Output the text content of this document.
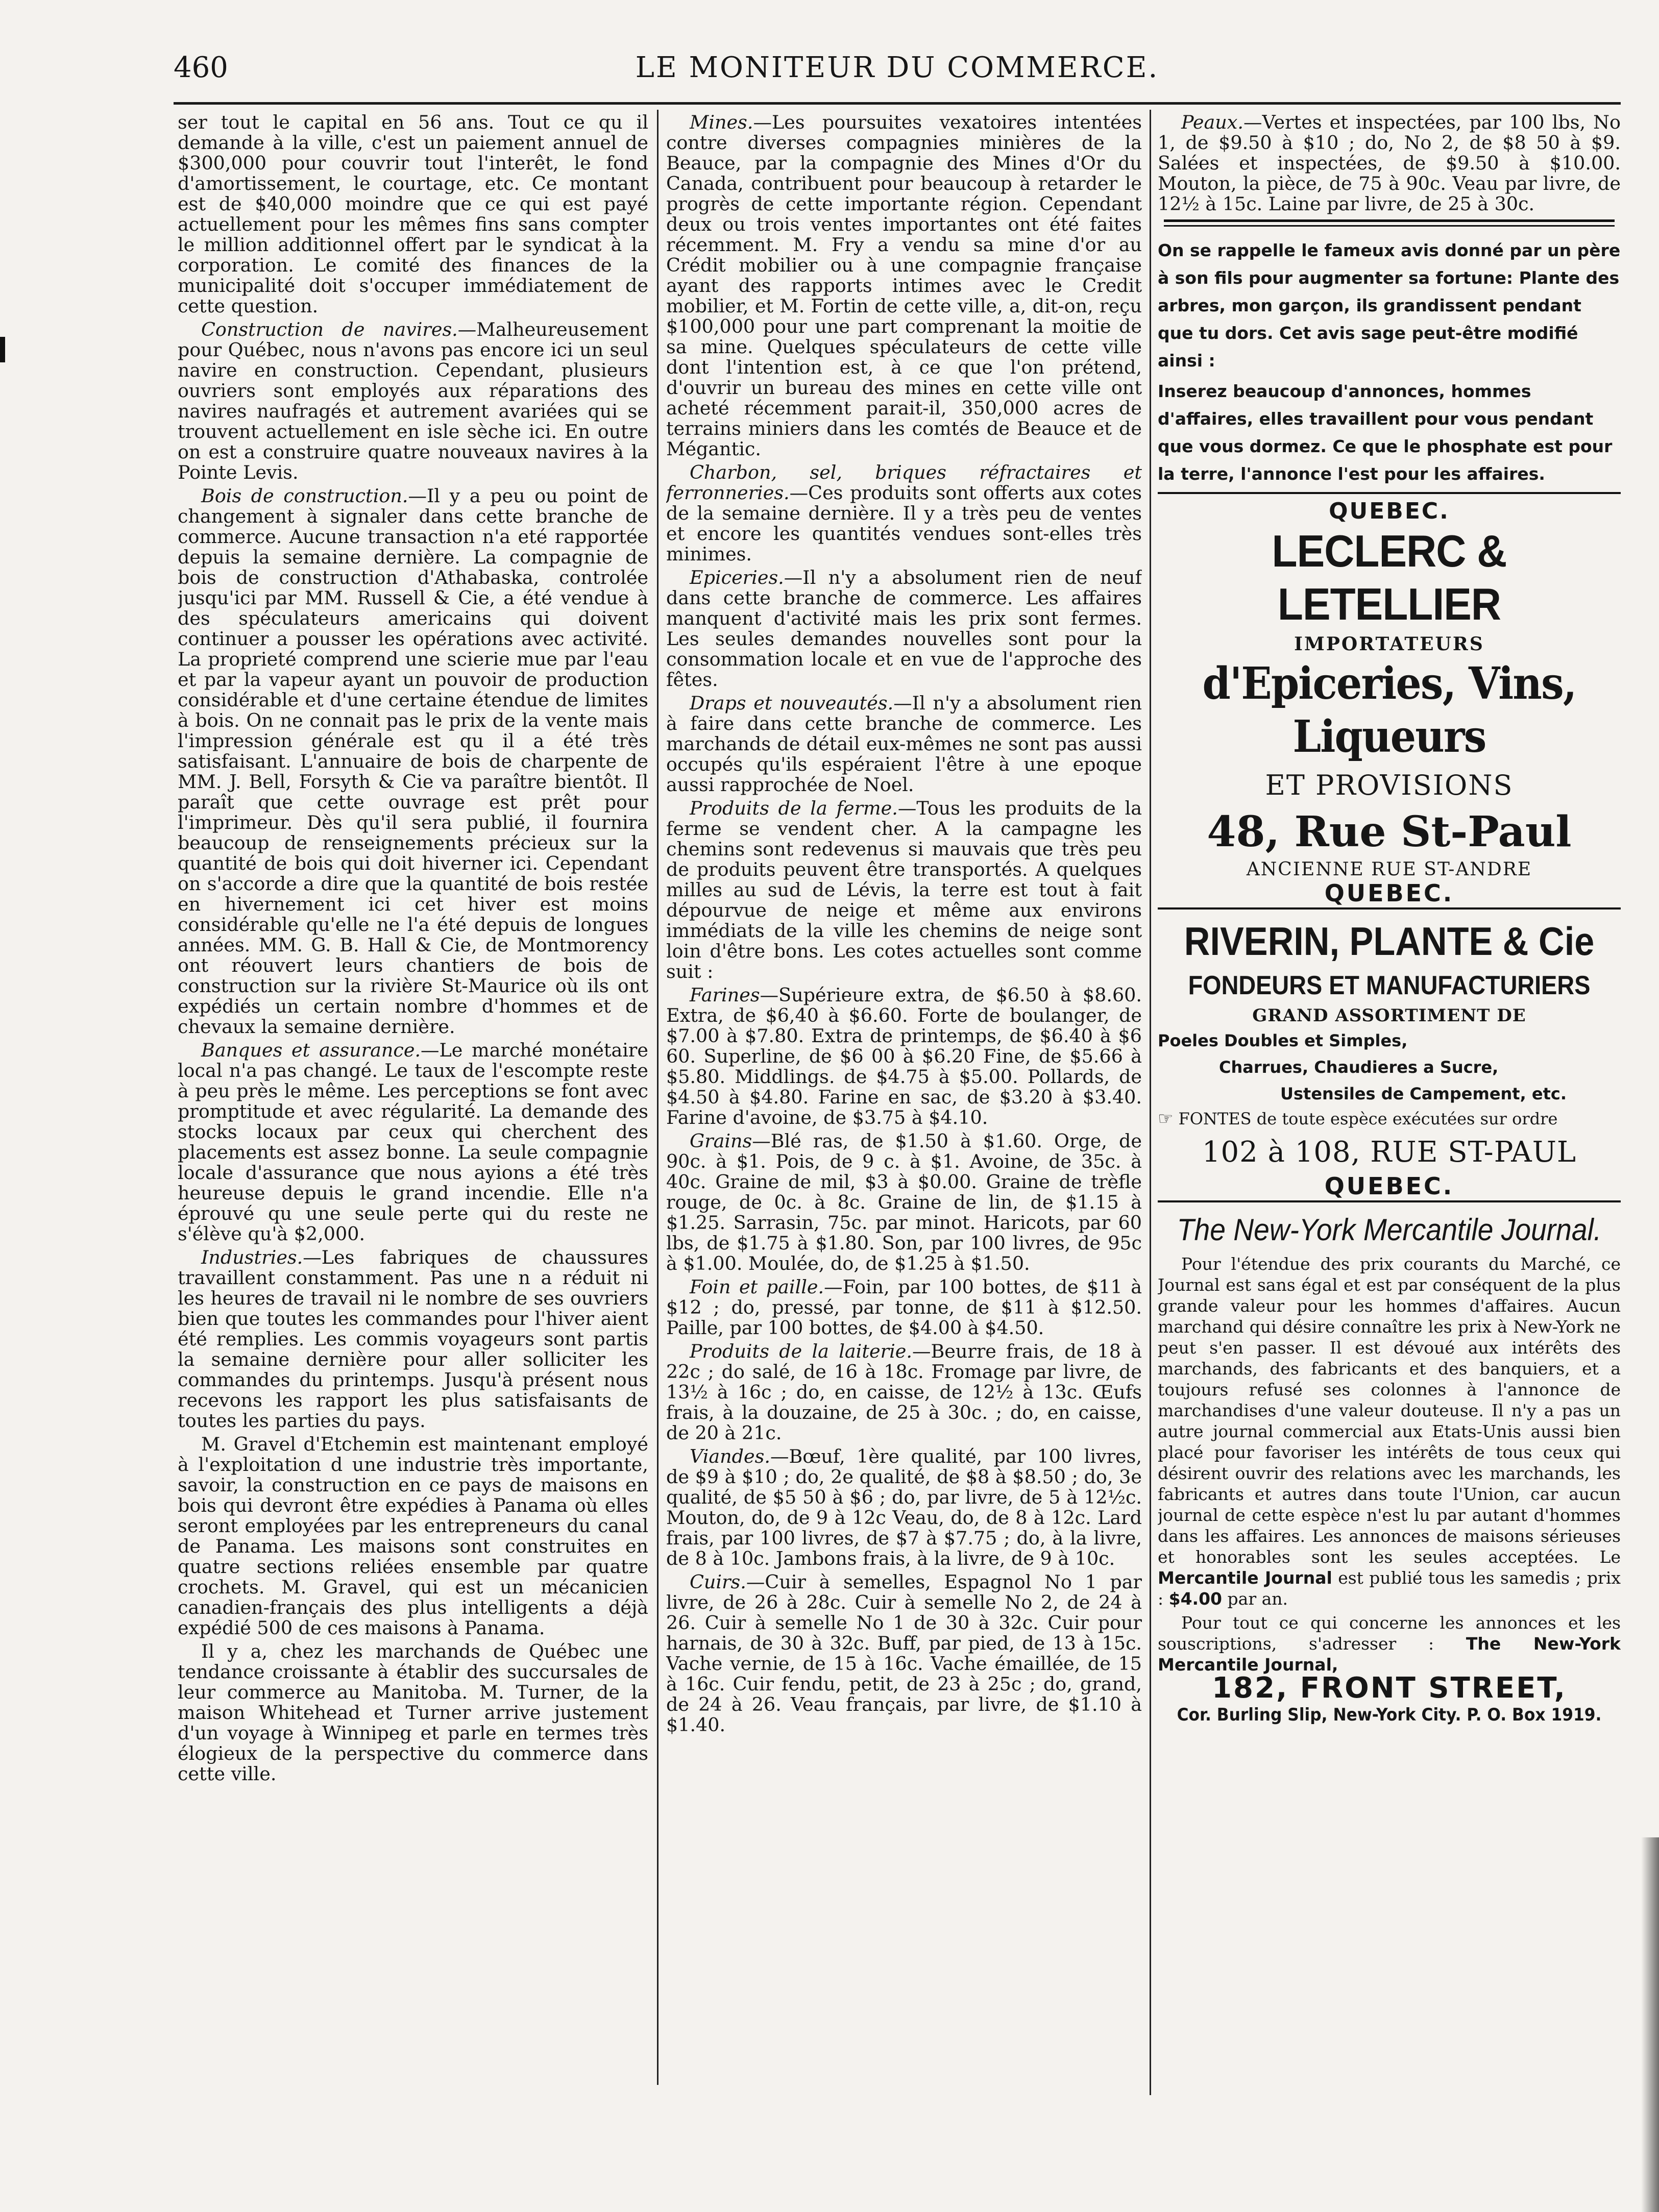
460	LE MONITEUR DU COMMERCE.

ser tout le capital en 56 ans. Tout ce qu il demande à la ville, c'est un paiement annuel de $300,000 pour couvrir tout l'interêt, le fond d'amortissement, le courtage, etc. Ce montant est de $40,000 moindre que ce qui est payé actuellement pour les mêmes fins sans compter le million additionnel offert par le syndicat à la corporation. Le comité des finances de la municipalité doit s'occuper immédiatement de cette question.

Construction de navires.—Malheureusement pour Québec, nous n'avons pas encore ici un seul navire en construction. Cependant, plusieurs ouvriers sont employés aux réparations des navires naufragés et autrement avariées qui se trouvent actuellement en isle sèche ici. En outre on est a construire quatre nouveaux navires à la Pointe Levis.

Bois de construction.—Il y a peu ou point de changement à signaler dans cette branche de commerce. Aucune transaction n'a eté rapportée depuis la semaine dernière. La compagnie de bois de construction d'Athabaska, controlée jusqu'ici par MM. Russell & Cie, a été vendue à des spéculateurs americains qui doivent continuer a pousser les opérations avec activité. La proprieté comprend une scierie mue par l'eau et par la vapeur ayant un pouvoir de production considérable et d'une certaine étendue de limites à bois. On ne connait pas le prix de la vente mais l'impression générale est qu il a été très satisfaisant. L'annuaire de bois de charpente de MM. J. Bell, Forsyth & Cie va paraître bientôt. Il paraît que cette ouvrage est prêt pour l'imprimeur. Dès qu'il sera publié, il fournira beaucoup de renseignements précieux sur la quantité de bois qui doit hiverner ici. Cependant on s'accorde a dire que la quantité de bois restée en hivernement ici cet hiver est moins considérable qu'elle ne l'a été depuis de longues années. MM. G. B. Hall & Cie, de Montmorency ont réouvert leurs chantiers de bois de construction sur la rivière St-Maurice où ils ont expédiés un certain nombre d'hommes et de chevaux la semaine dernière.

Banques et assurance.—Le marché monétaire local n'a pas changé. Le taux de l'escompte reste à peu près le même. Les perceptions se font avec promptitude et avec régularité. La demande des stocks locaux par ceux qui cherchent des placements est assez bonne. La seule compagnie locale d'assurance que nous ayions a été très heureuse depuis le grand incendie. Elle n'a éprouvé qu une seule perte qui du reste ne s'élève qu'à $2,000.

Industries.—Les fabriques de chaussures travaillent constamment. Pas une n a réduit ni les heures de travail ni le nombre de ses ouvriers bien que toutes les commandes pour l'hiver aient été remplies. Les commis voyageurs sont partis la semaine dernière pour aller solliciter les commandes du printemps. Jusqu'à présent nous recevons les rapport les plus satisfaisants de toutes les parties du pays.

M. Gravel d'Etchemin est maintenant employé à l'exploitation d une industrie très importante, savoir, la construction en ce pays de maisons en bois qui devront être expédies à Panama où elles seront employées par les entrepreneurs du canal de Panama. Les maisons sont construites en quatre sections reliées ensemble par quatre crochets. M. Gravel, qui est un mécanicien canadien-français des plus intelligents a déjà expédié 500 de ces maisons à Panama.

Il y a, chez les marchands de Québec une tendance croissante à établir des succursales de leur commerce au Manitoba. M. Turner, de la maison Whitehead et Turner arrive justement d'un voyage à Winnipeg et parle en termes très élogieux de la perspective du commerce dans cette ville.

Mines.—Les poursuites vexatoires intentées contre diverses compagnies minières de la Beauce, par la compagnie des Mines d'Or du Canada, contribuent pour beaucoup à retarder le progrès de cette importante région. Cependant deux ou trois ventes importantes ont été faites récemment. M. Fry a vendu sa mine d'or au Crédit mobilier ou à une compagnie française ayant des rapports intimes avec le Credit mobilier, et M. Fortin de cette ville, a, dit-on, reçu $100,000 pour une part comprenant la moitie de sa mine. Quelques spéculateurs de cette ville dont l'intention est, à ce que l'on prétend, d'ouvrir un bureau des mines en cette ville ont acheté récemment parait-il, 350,000 acres de terrains miniers dans les comtés de Beauce et de Mégantic.

Charbon, sel, briques réfractaires et ferronneries.—Ces produits sont offerts aux cotes de la semaine dernière. Il y a très peu de ventes et encore les quantités vendues sont-elles très minimes.

Epiceries.—Il n'y a absolument rien de neuf dans cette branche de commerce. Les affaires manquent d'activité mais les prix sont fermes. Les seules demandes nouvelles sont pour la consommation locale et en vue de l'approche des fêtes.

Draps et nouveautés.—Il n'y a absolument rien à faire dans cette branche de commerce. Les marchands de détail eux-mêmes ne sont pas aussi occupés qu'ils espéraient l'être à une epoque aussi rapprochée de Noel.

Produits de la ferme.—Tous les produits de la ferme se vendent cher. A la campagne les chemins sont redevenus si mauvais que très peu de produits peuvent être transportés. A quelques milles au sud de Lévis, la terre est tout à fait dépourvue de neige et même aux environs immédiats de la ville les chemins de neige sont loin d'être bons. Les cotes actuelles sont comme suit :

Farines—Supérieure extra, de $6.50 à $8.60. Extra, de $6,40 à $6.60. Forte de boulanger, de $7.00 à $7.80. Extra de printemps, de $6.40 à $6 60. Superline, de $6 00 à $6.20 Fine, de $5.66 à $5.80. Middlings. de $4.75 à $5.00. Pollards, de $4.50 à $4.80. Farine en sac, de $3.20 à $3.40. Farine d'avoine, de $3.75 à $4.10.

Grains—Blé ras, de $1.50 à $1.60. Orge, de 90c. à $1. Pois, de 9 c. à $1. Avoine, de 35c. à 40c. Graine de mil, $3 à $0.00. Graine de trèfle rouge, de 0c. à 8c. Graine de lin, de $1.15 à $1.25. Sarrasin, 75c. par minot. Haricots, par 60 lbs, de $1.75 à $1.80. Son, par 100 livres, de 95c à $1.00. Moulée, do, de $1.25 à $1.50.

Foin et paille.—Foin, par 100 bottes, de $11 à $12 ; do, pressé, par tonne, de $11 à $12.50. Paille, par 100 bottes, de $4.00 à $4.50.

Produits de la laiterie.—Beurre frais, de 18 à 22c ; do salé, de 16 à 18c. Fromage par livre, de 13½ à 16c ; do, en caisse, de 12½ à 13c. Œufs frais, à la douzaine, de 25 à 30c. ; do, en caisse, de 20 à 21c.

Viandes.—Bœuf, 1ère qualité, par 100 livres, de $9 à $10 ; do, 2e qualité, de $8 à $8.50 ; do, 3e qualité, de $5 50 à $6 ; do, par livre, de 5 à 12½c. Mouton, do, de 9 à 12c Veau, do, de 8 à 12c. Lard frais, par 100 livres, de $7 à $7.75 ; do, à la livre, de 8 à 10c. Jambons frais, à la livre, de 9 à 10c.

Cuirs.—Cuir à semelles, Espagnol No 1 par livre, de 26 à 28c. Cuir à semelle No 2, de 24 à 26. Cuir à semelle No 1 de 30 à 32c. Cuir pour harnais, de 30 à 32c. Buff, par pied, de 13 à 15c. Vache vernie, de 15 à 16c. Vache émaillée, de 15 à 16c. Cuir fendu, petit, de 23 à 25c ; do, grand, de 24 à 26. Veau français, par livre, de $1.10 à $1.40.

Peaux.—Vertes et inspectées, par 100 lbs, No 1, de $9.50 à $10 ; do, No 2, de $8 50 à $9. Salées et inspectées, de $9.50 à $10.00. Mouton, la pièce, de 75 à 90c. Veau par livre, de 12½ à 15c. Laine par livre, de 25 à 30c.

On se rappelle le fameux avis donné par un père à son fils pour augmenter sa fortune: Plante des arbres, mon garçon, ils grandissent pendant que tu dors. Cet avis sage peut-être modifié ainsi :

Inserez beaucoup d'annonces, hommes d'affaires, elles travaillent pour vous pendant que vous dormez. Ce que le phosphate est pour la terre, l'annonce l'est pour les affaires.

QUEBEC.

LECLERC & LETELLIER

IMPORTATEURS

d'Epiceries, Vins, Liqueurs

ET PROVISIONS

48, Rue St-Paul

ANCIENNE RUE ST-ANDRE

QUEBEC.

RIVERIN, PLANTE & Cie

FONDEURS ET MANUFACTURIERS

GRAND ASSORTIMENT DE

Poeles Doubles et Simples,

Charrues, Chaudieres a Sucre,

Ustensiles de Campement, etc.

☞ FONTES de toute espèce exécutées sur ordre

102 à 108, RUE ST-PAUL

QUEBEC.

The New-York Mercantile Journal.

Pour l'étendue des prix courants du Marché, ce Journal est sans égal et est par conséquent de la plus grande valeur pour les hommes d'affaires. Aucun marchand qui désire connaître les prix à New-York ne peut s'en passer. Il est dévoué aux intérêts des marchands, des fabricants et des banquiers, et a toujours refusé ses colonnes à l'annonce de marchandises d'une valeur douteuse. Il n'y a pas un autre journal commercial aux Etats-Unis aussi bien placé pour favoriser les intérêts de tous ceux qui désirent ouvrir des relations avec les marchands, les fabricants et autres dans toute l'Union, car aucun journal de cette espèce n'est lu par autant d'hommes dans les affaires. Les annonces de maisons sérieuses et honorables sont les seules acceptées. Le Mercantile Journal est publié tous les samedis ; prix : $4.00 par an.

Pour tout ce qui concerne les annonces et les souscriptions, s'adresser : The New-York Mercantile Journal,

182, FRONT STREET,

Cor. Burling Slip, New-York City. P. O. Box 1919.
